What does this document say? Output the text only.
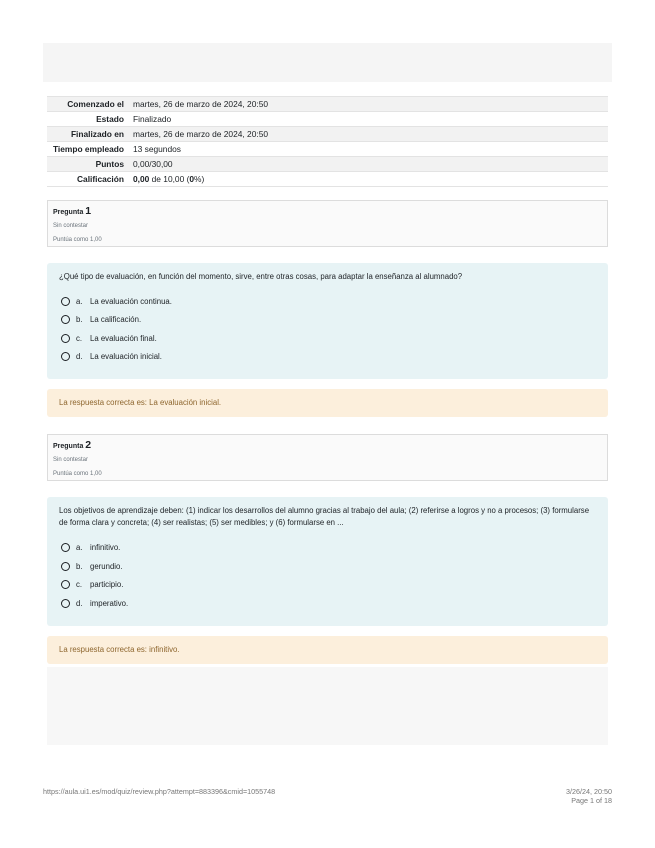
Comenzado el	martes, 26 de marzo de 2024, 20:50
Estado	Finalizado
Finalizado en	martes, 26 de marzo de 2024, 20:50
Tiempo empleado	13 segundos
Puntos	0,00/30,00
Calificación	0,00 de 10,00 (0%)
Pregunta 1
Sin contestar
Puntúa como 1,00
¿Qué tipo de evaluación, en función del momento, sirve, entre otras cosas, para adaptar la enseñanza al alumnado?
a. La evaluación continua.
b. La calificación.
c.	La evaluación final.
d. La evaluación inicial.
La respuesta correcta es: La evaluación inicial.
Pregunta 2
Sin contestar
Puntúa como 1,00
Los objetivos de aprendizaje deben: (1) indicar los desarrollos del alumno gracias al trabajo del aula; (2) referirse a logros y no a procesos; (3) formularse de forma clara y concreta; (4) ser realistas; (5) ser medibles; y (6) formularse en ...
a. infinitivo.
b. gerundio.
c.	participio.
d. imperativo.
La respuesta correcta es: infinitivo.
https://aula.ui1.es/mod/quiz/review.php?attempt=883396&cmid=1055748	3/26/24, 20:50
Page 1 of 18
